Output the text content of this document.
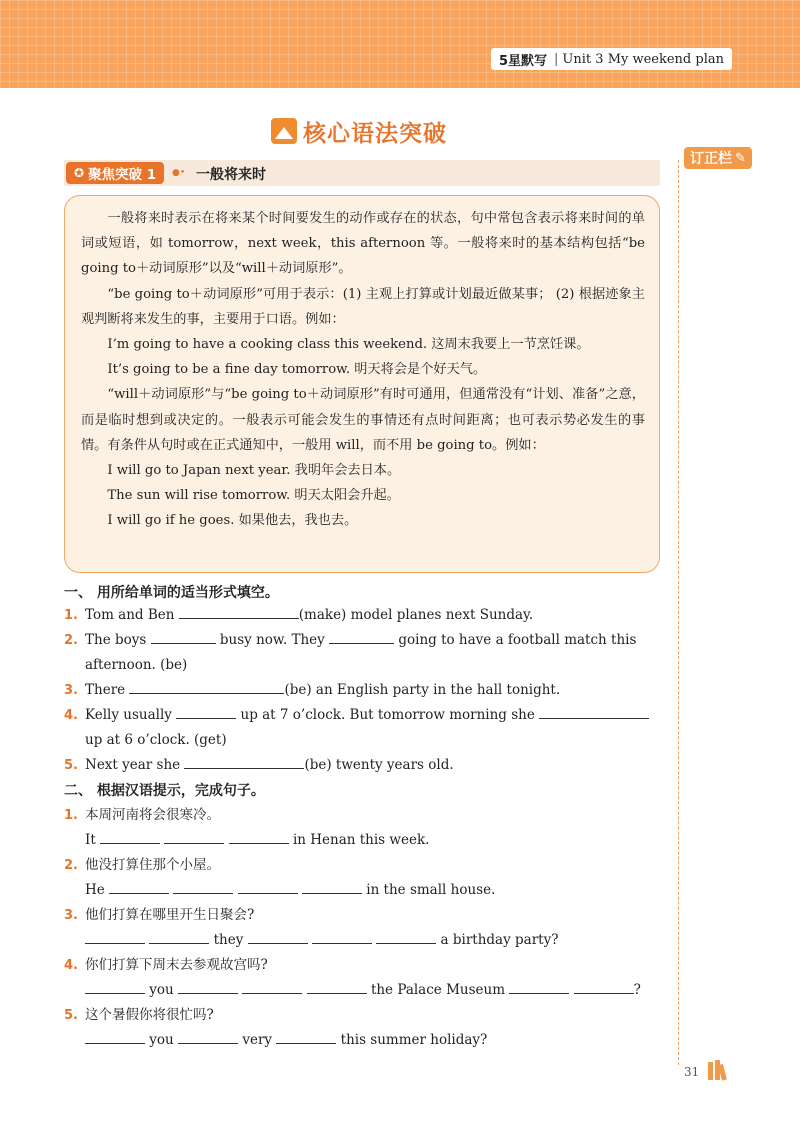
5星默写 | Unit 3
My weekend plan
订正栏 ✎
核心语法突破
✪ 聚焦突破 1 ●• 一般将来时

一般将来时表示在将来某个时间要发生的动作或存在的状态，句中常包含表示将来时间的单词或短语，如 tomorrow，next week，this afternoon 等。一般将来时的基本结构包括“be going to＋动词原形”以及“will＋动词原形”。

“be going to＋动词原形”可用于表示：(1) 主观上打算或计划最近做某事； (2) 根据迹象主观判断将来发生的事，主要用于口语。例如：

I’m going to have a cooking class this weekend. 这周末我要上一节烹饪课。

It’s going to be a fine day tomorrow. 明天将会是个好天气。

“will＋动词原形”与“be going to＋动词原形”有时可通用，但通常没有“计划、准备”之意，而是临时想到或决定的。一般表示可能会发生的事情还有点时间距离；也可表示势必发生的事情。有条件从句时或在正式通知中，一般用 will，而不用 be going to。例如：

I will go to Japan next year. 我明年会去日本。

The sun will rise tomorrow. 明天太阳会升起。

I will go if he goes. 如果他去，我也去。

一、 用所给单词的适当形式填空。
1. Tom and Ben	(make) model planes next Sunday.
2. The boys	busy now. They	going to have a football match this
afternoon. (be)
3. There	(be) an English party in the hall tonight.
4. Kelly usually	up at 7 o’clock. But tomorrow morning she
up at 6 o’clock. (get)
5. Next year she	(be) twenty years old.
二、 根据汉语提示，完成句子。
1. 本周河南将会很寒冷。
It	in Henan this week.
2. 他没打算住那个小屋。
He	in the small house.
3. 他们打算在哪里开生日聚会?
they	a birthday party?
4. 你们打算下周末去参观故宫吗?
you	the Palace Museum	?
5. 这个暑假你将很忙吗?
you	very	this summer holiday?
31
